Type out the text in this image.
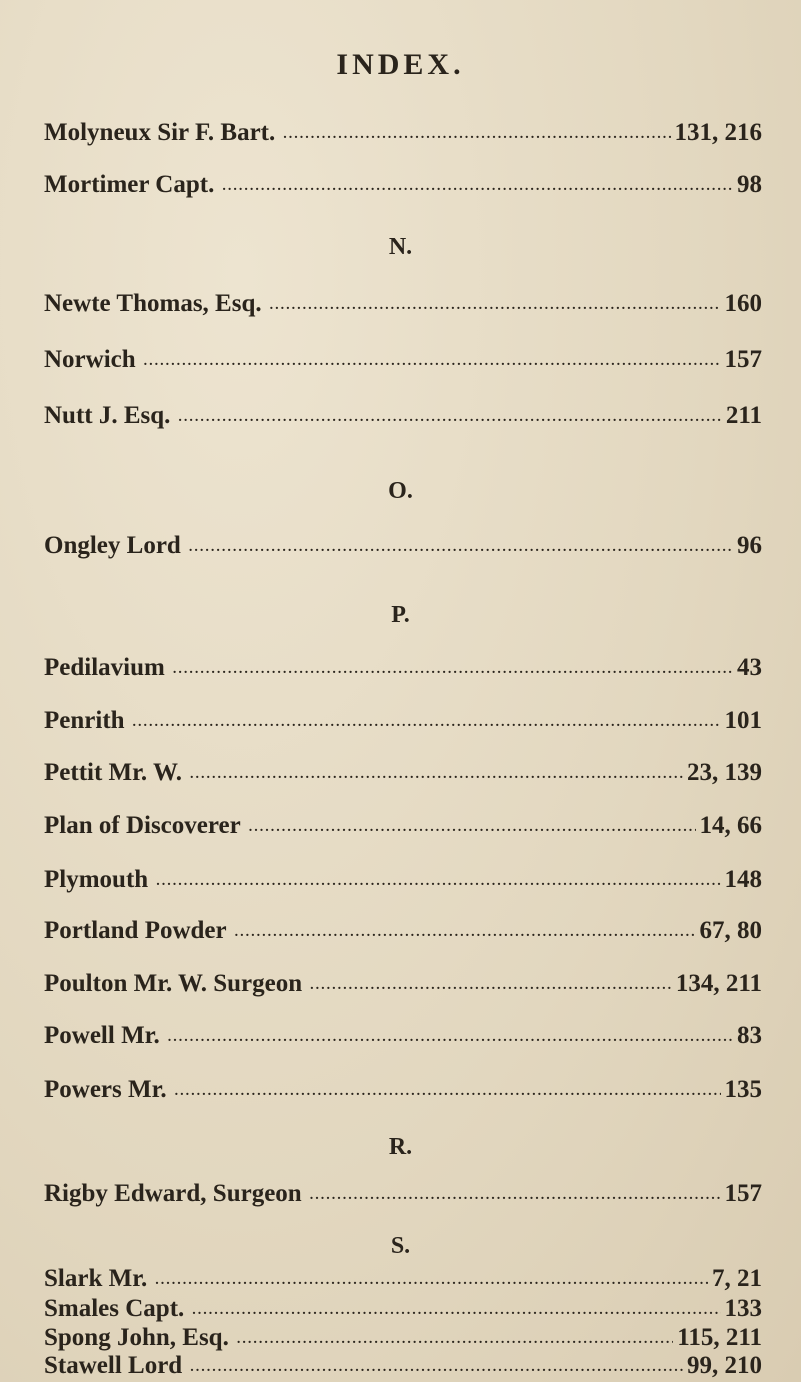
INDEX.
Molyneux Sir F. Bart. .....	131, 216
Mortimer Capt. .....	98
N.
Newte Thomas, Esq. .....	160
Norwich .....	157
Nutt J. Esq. .....	211
O.
Ongley Lord .....	96
P.
Pedilavium .....	43
Penrith .....	101
Pettit Mr. W. .....	23, 139
Plan of Discoverer .....	14, 66
Plymouth .....	148
Portland Powder .....	67, 80
Poulton Mr. W. Surgeon .....	134, 211
Powell Mr. .....	83
Powers Mr. .....	135
R.
Rigby Edward, Surgeon .....	157
S.
Slark Mr. .....	7, 21
Smales Capt. .....	133
Spong John, Esq. .....	115, 211
Stawell Lord .....	99, 210
